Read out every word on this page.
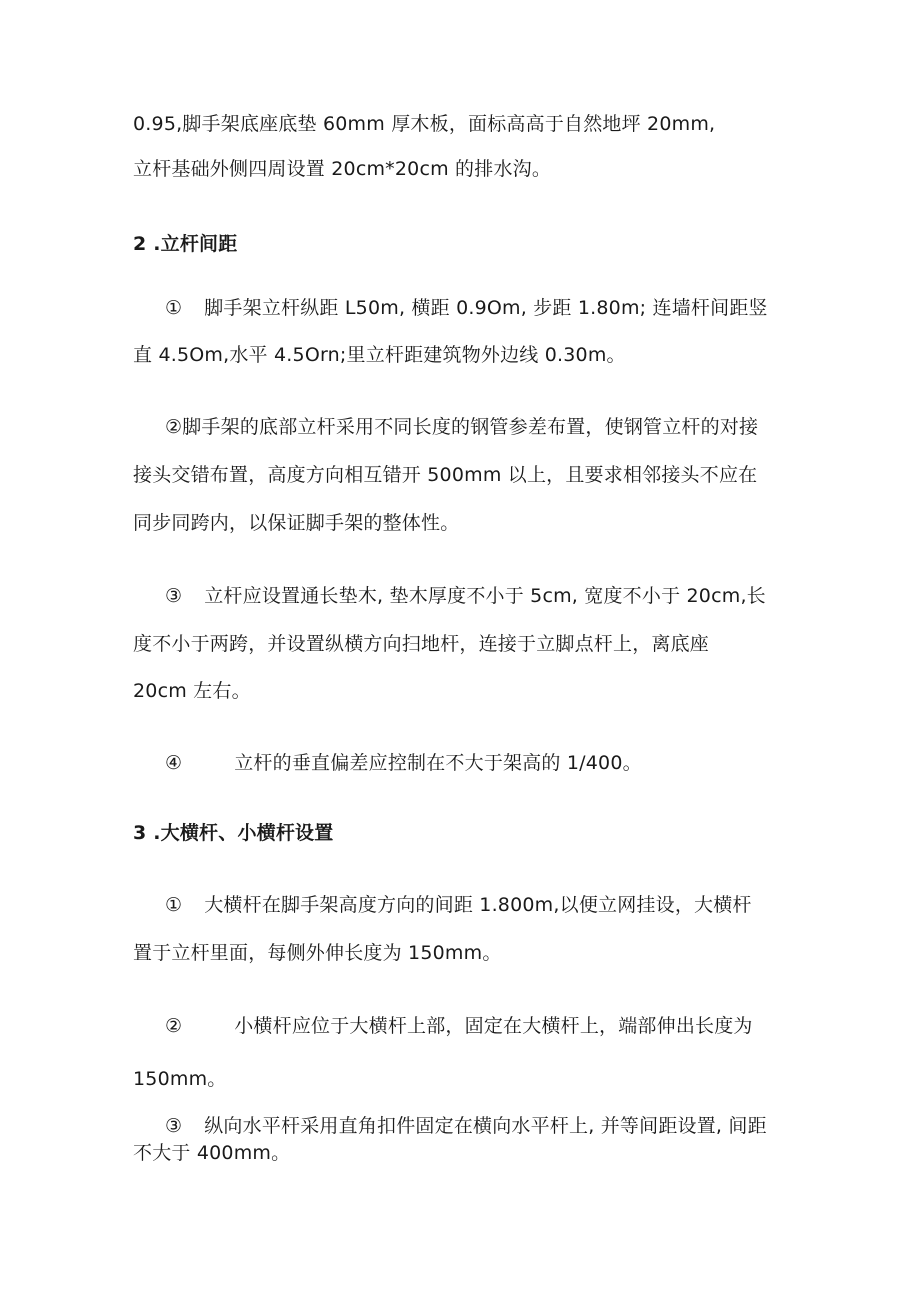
0.95,脚手架底座底垫 60mm 厚木板，面标高高于自然地坪 20mm,
立杆基础外侧四周设置 20cm*20cm 的排水沟。
2 .立杆间距
① 脚手架立杆纵距 L50m, 横距 0.9Om, 步距 1.80m; 连墙杆间距竖
直 4.5Om,水平 4.5Orn;里立杆距建筑物外边线 0.30m。
②脚手架的底部立杆采用不同长度的钢管参差布置，使钢管立杆的对接
接头交错布置，高度方向相互错开 500mm 以上，且要求相邻接头不应在
同步同跨内，以保证脚手架的整体性。
③ 立杆应设置通长垫木, 垫木厚度不小于 5cm, 宽度不小于 20cm,长
度不小于两跨，并设置纵横方向扫地杆，连接于立脚点杆上，离底座
20cm 左右。
④	立杆的垂直偏差应控制在不大于架高的 1/400。
3 .大横杆、小横杆设置
① 大横杆在脚手架高度方向的间距 1.800m,以便立网挂设，大横杆
置于立杆里面，每侧外伸长度为 150mm。
②	小横杆应位于大横杆上部，固定在大横杆上，端部伸出长度为
150mm。
③ 纵向水平杆采用直角扣件固定在横向水平杆上, 并等间距设置, 间距
不大于 400mm。
